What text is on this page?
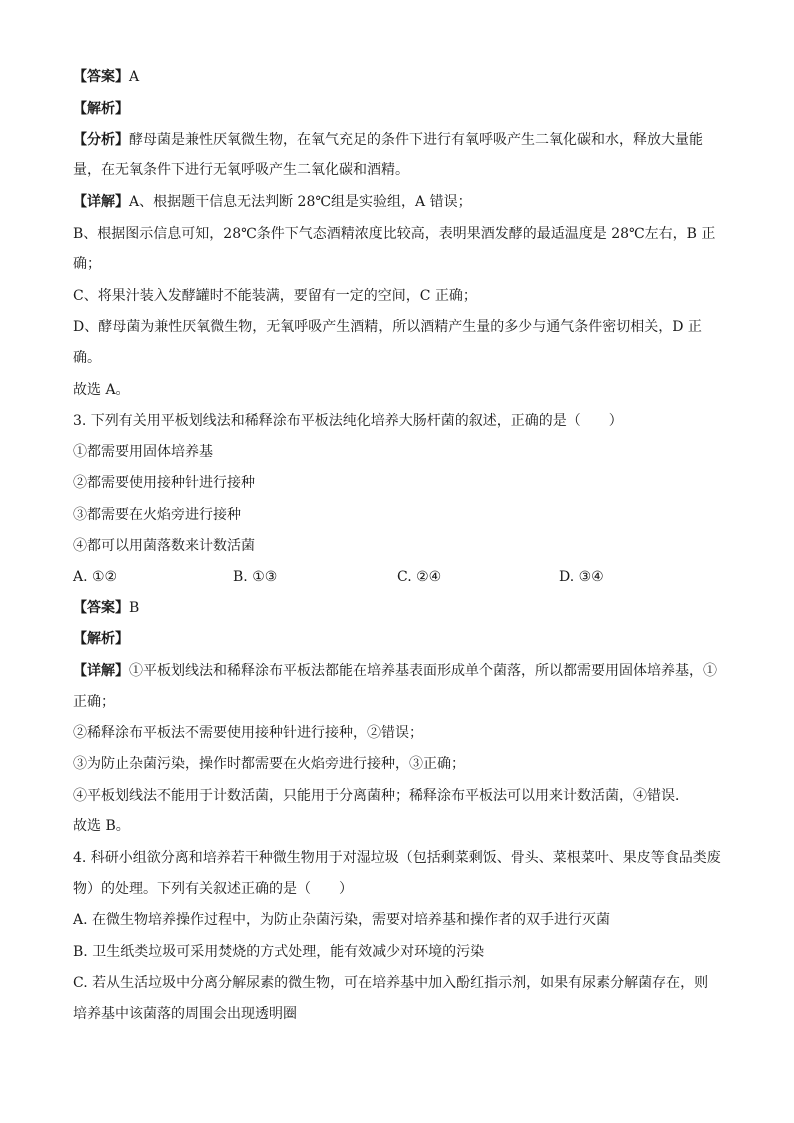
【答案】A
【解析】
【分析】酵母菌是兼性厌氧微生物，在氧气充足的条件下进行有氧呼吸产生二氧化碳和水，释放大量能
量，在无氧条件下进行无氧呼吸产生二氧化碳和酒精。
【详解】A、根据题干信息无法判断 28℃组是实验组，A 错误；
B、根据图示信息可知，28℃条件下气态酒精浓度比较高，表明果酒发酵的最适温度是 28℃左右，B 正
确；
C、将果汁装入发酵罐时不能装满，要留有一定的空间，C 正确；
D、酵母菌为兼性厌氧微生物，无氧呼吸产生酒精，所以酒精产生量的多少与通气条件密切相关，D 正
确。
故选 A。
3. 下列有关用平板划线法和稀释涂布平板法纯化培养大肠杆菌的叙述，正确的是（　　）
①都需要用固体培养基
②都需要使用接种针进行接种
③都需要在火焰旁进行接种
④都可以用菌落数来计数活菌
A. ①②	B. ①③	C. ②④	D. ③④
【答案】B
【解析】
【详解】①平板划线法和稀释涂布平板法都能在培养基表面形成单个菌落，所以都需要用固体培养基，①
正确；
②稀释涂布平板法不需要使用接种针进行接种，②错误；
③为防止杂菌污染，操作时都需要在火焰旁进行接种，③正确；
④平板划线法不能用于计数活菌，只能用于分离菌种；稀释涂布平板法可以用来计数活菌，④错误．
故选 B。
4. 科研小组欲分离和培养若干种微生物用于对湿垃圾（包括剩菜剩饭、骨头、菜根菜叶、果皮等食品类废
物）的处理。下列有关叙述正确的是（　　）
A. 在微生物培养操作过程中，为防止杂菌污染，需要对培养基和操作者的双手进行灭菌
B. 卫生纸类垃圾可采用焚烧的方式处理，能有效减少对环境的污染
C. 若从生活垃圾中分离分解尿素的微生物，可在培养基中加入酚红指示剂，如果有尿素分解菌存在，则
培养基中该菌落的周围会出现透明圈
